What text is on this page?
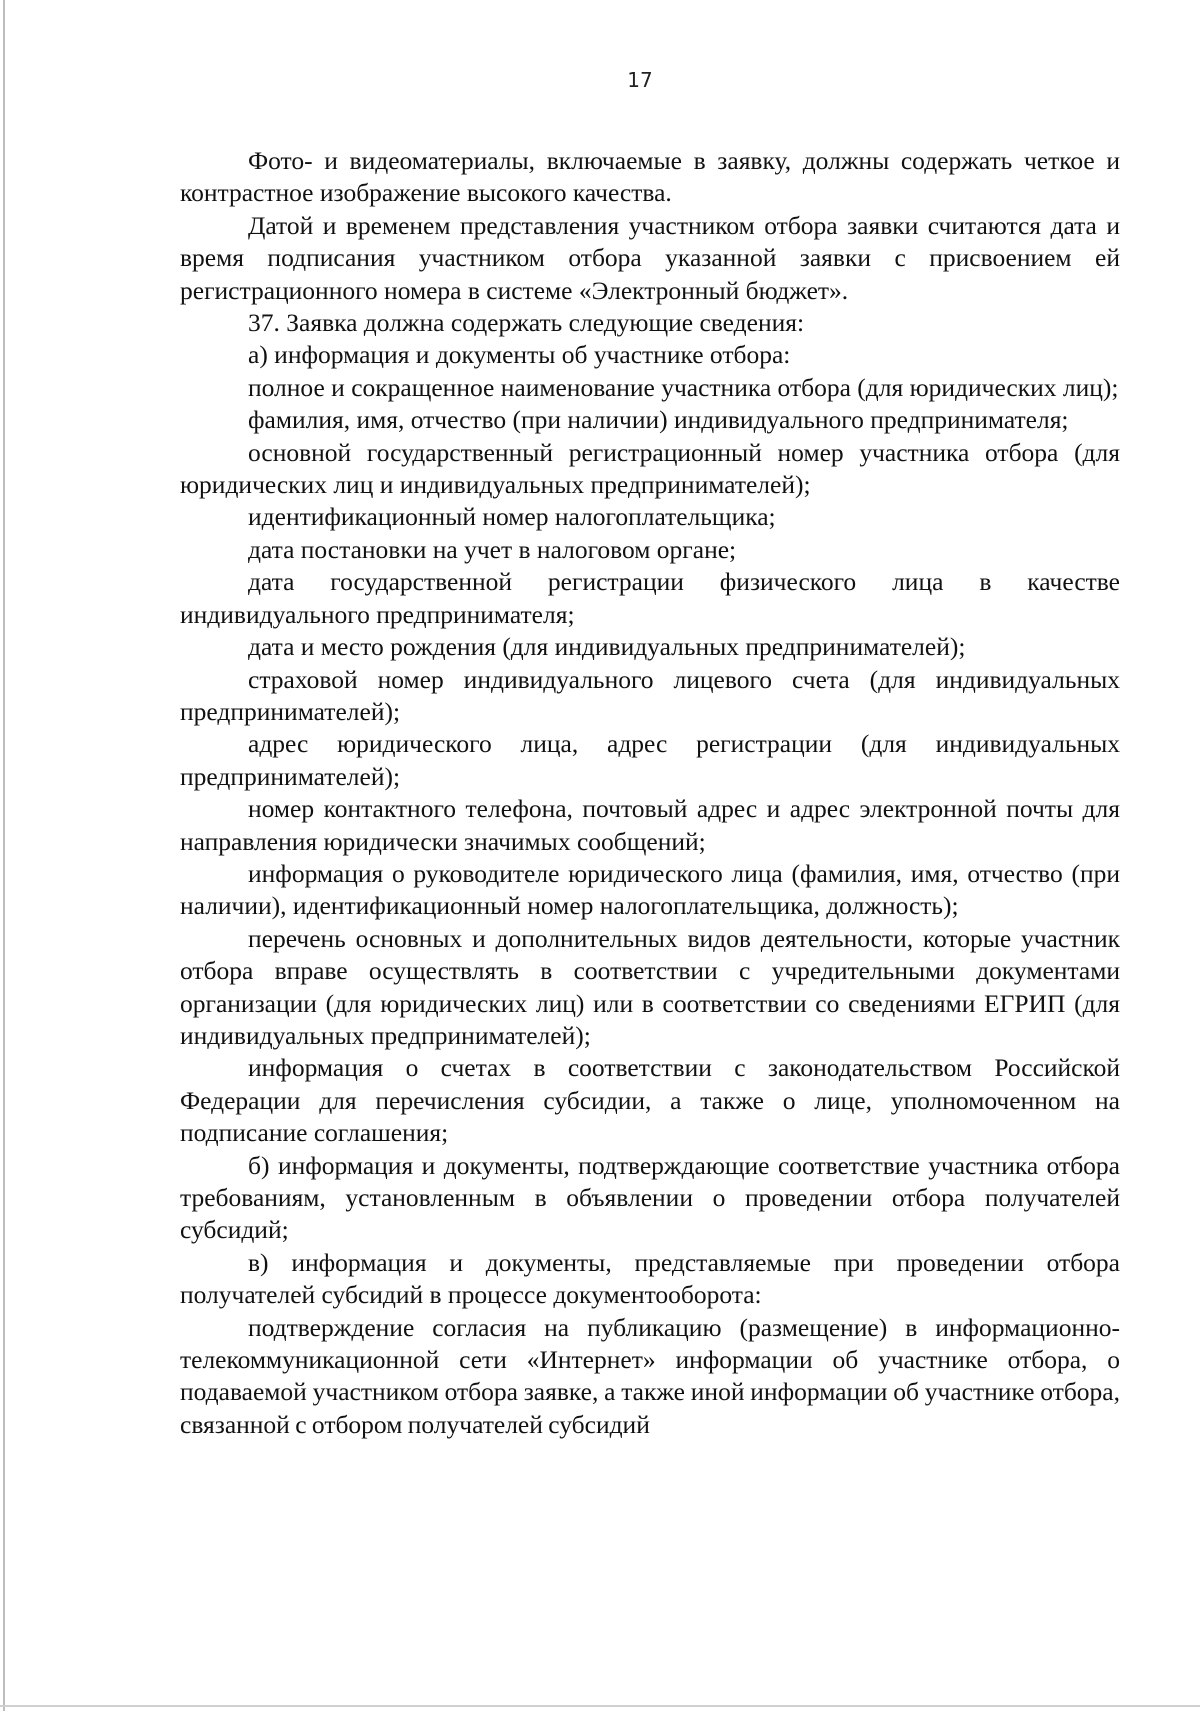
17

Фото- и видеоматериалы, включаемые в заявку, должны содержать четкое и контрастное изображение высокого качества.

Датой и временем представления участником отбора заявки считаются дата и время подписания участником отбора указанной заявки с присвоением ей регистрационного номера в системе «Электронный бюджет».

37. Заявка должна содержать следующие сведения:

а) информация и документы об участнике отбора:

полное и сокращенное наименование участника отбора (для юридических лиц);

фамилия, имя, отчество (при наличии) индивидуального предпринимателя;

основной государственный регистрационный номер участника отбора (для юридических лиц и индивидуальных предпринимателей);

идентификационный номер налогоплательщика;

дата постановки на учет в налоговом органе;

дата государственной регистрации физического лица в качестве индивидуального предпринимателя;

дата и место рождения (для индивидуальных предпринимателей);

страховой номер индивидуального лицевого счета (для индивидуальных предпринимателей);

адрес юридического лица, адрес регистрации (для индивидуальных предпринимателей);

номер контактного телефона, почтовый адрес и адрес электронной почты для направления юридически значимых сообщений;

информация о руководителе юридического лица (фамилия, имя, отчество (при наличии), идентификационный номер налогоплательщика, должность);

перечень основных и дополнительных видов деятельности, которые участник отбора вправе осуществлять в соответствии с учредительными документами организации (для юридических лиц) или в соответствии со сведениями ЕГРИП (для индивидуальных предпринимателей);

информация о счетах в соответствии с законодательством Российской Федерации для перечисления субсидии, а также о лице, уполномоченном на подписание соглашения;

б) информация и документы, подтверждающие соответствие участника отбора требованиям, установленным в объявлении о проведении отбора получателей субсидий;

в) информация и документы, представляемые при проведении отбора получателей субсидий в процессе документооборота:

подтверждение согласия на публикацию (размещение) в информационно-телекоммуникационной сети «Интернет» информации об участнике отбора, о подаваемой участником отбора заявке, а также иной информации об участнике отбора, связанной с отбором получателей субсидий
